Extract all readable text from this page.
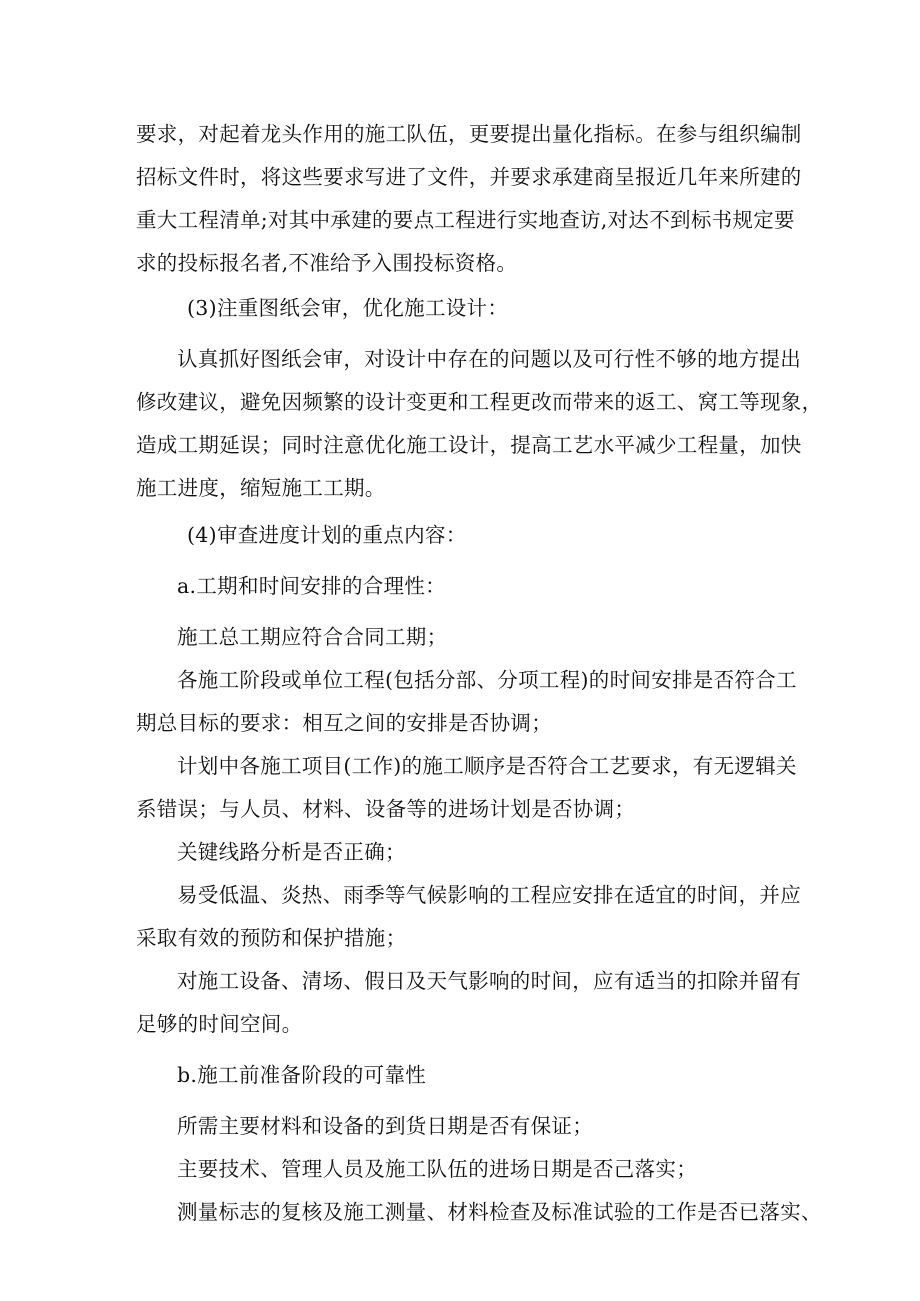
要求，对起着龙头作用的施工队伍，更要提出量化指标。在参与组织编制
招标文件时，将这些要求写进了文件，并要求承建商呈报近几年来所建的
重大工程清单;对其中承建的要点工程进行实地查访,对达不到标书规定要
求的投标报名者,不准给予入围投标资格。
(3)注重图纸会审，优化施工设计：
认真抓好图纸会审，对设计中存在的问题以及可行性不够的地方提出
修改建议，避免因频繁的设计变更和工程更改而带来的返工、窝工等现象，
造成工期延误；同时注意优化施工设计，提高工艺水平减少工程量，加快
施工进度，缩短施工工期。
(4)审查进度计划的重点内容：
a.工期和时间安排的合理性：
施工总工期应符合合同工期；
各施工阶段或单位工程(包括分部、分项工程)的时间安排是否符合工
期总目标的要求：相互之间的安排是否协调；
计划中各施工项目(工作)的施工顺序是否符合工艺要求，有无逻辑关
系错误；与人员、材料、设备等的进场计划是否协调；
关键线路分析是否正确；
易受低温、炎热、雨季等气候影响的工程应安排在适宜的时间，并应
采取有效的预防和保护措施；
对施工设备、清场、假日及天气影响的时间，应有适当的扣除并留有
足够的时间空间。
b.施工前准备阶段的可靠性
所需主要材料和设备的到货日期是否有保证；
主要技术、管理人员及施工队伍的进场日期是否己落实；
测量标志的复核及施工测量、材料检查及标准试验的工作是否已落实、
